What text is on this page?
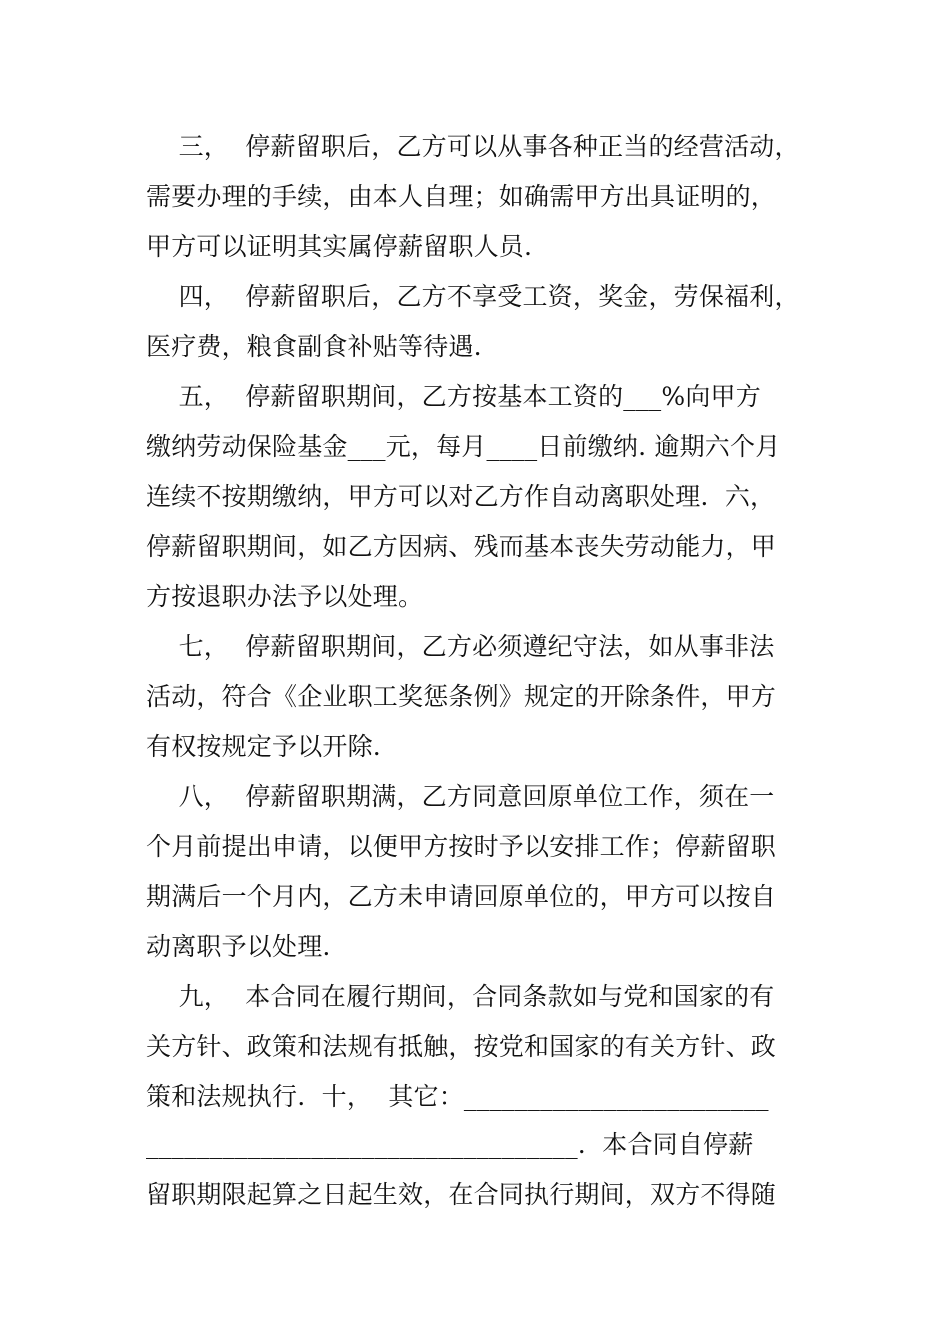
三，  停薪留职后，乙方可以从事各种正当的经营活动，
需要办理的手续，由本人自理；如确需甲方出具证明的，
甲方可以证明其实属停薪留职人员.
四，  停薪留职后，乙方不享受工资，奖金，劳保福利，
医疗费，粮食副食补贴等待遇.
五，  停薪留职期间，乙方按基本工资的___%向甲方
缴纳劳动保险基金___元，每月____日前缴纳. 逾期六个月
连续不按期缴纳，甲方可以对乙方作自动离职处理.  六，
停薪留职期间，如乙方因病、残而基本丧失劳动能力，甲
方按退职办法予以处理。
七，  停薪留职期间，乙方必须遵纪守法，如从事非法
活动，符合《企业职工奖惩条例》规定的开除条件，甲方
有权按规定予以开除.
八，  停薪留职期满，乙方同意回原单位工作，须在一
个月前提出申请，以便甲方按时予以安排工作；停薪留职
期满后一个月内，乙方未申请回原单位的，甲方可以按自
动离职予以处理.
九，  本合同在履行期间，合同条款如与党和国家的有
关方针、政策和法规有抵触，按党和国家的有关方针、政
策和法规执行.  十，  其它：________________________
__________________________________.  本合同自停薪
留职期限起算之日起生效，在合同执行期间，双方不得随
